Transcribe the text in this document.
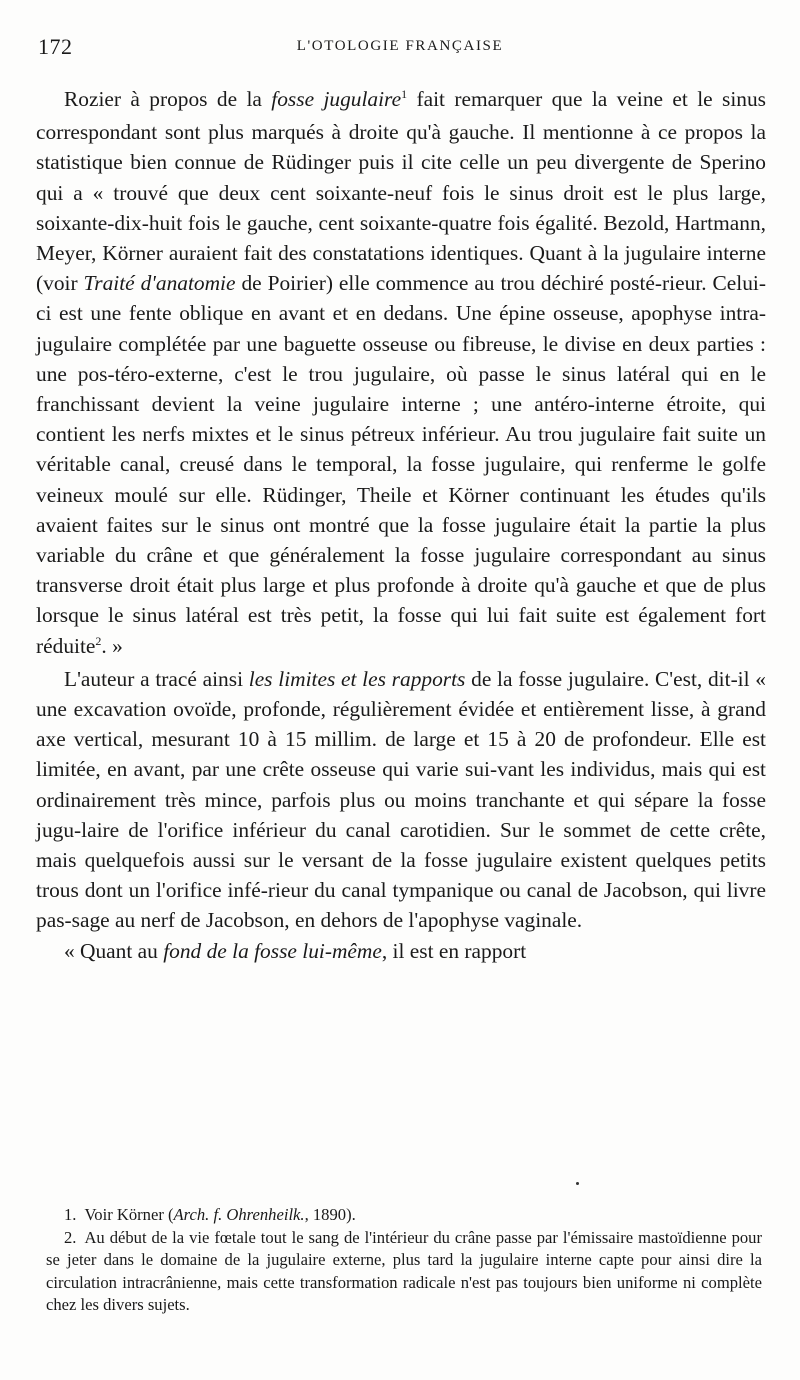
172	L'OTOLOGIE FRANÇAISE

Rozier à propos de la fosse jugulaire$^1$ fait remarquer que la veine et le sinus correspondant sont plus marqués à droite qu'à gauche. Il mentionne à ce propos la statistique bien connue de Rüdinger puis il cite celle un peu divergente de Sperino qui a « trouvé que deux cent soixante-neuf fois le sinus droit est le plus large, soixante-dix-huit fois le gauche, cent soixante-quatre fois égalité. Bezold, Hartmann, Meyer, Körner auraient fait des constatations identiques. Quant à la jugulaire interne (voir Traité d'anatomie de Poirier) elle commence au trou déchiré posté-rieur. Celui-ci est une fente oblique en avant et en dedans. Une épine osseuse, apophyse intra-jugulaire complétée par une baguette osseuse ou fibreuse, le divise en deux parties : une pos-téro-externe, c'est le trou jugulaire, où passe le sinus latéral qui en le franchissant devient la veine jugulaire interne ; une antéro-interne étroite, qui contient les nerfs mixtes et le sinus pétreux inférieur. Au trou jugulaire fait suite un véritable canal, creusé dans le temporal, la fosse jugulaire, qui renferme le golfe veineux moulé sur elle. Rüdinger, Theile et Körner continuant les études qu'ils avaient faites sur le sinus ont montré que la fosse jugulaire était la partie la plus variable du crâne et que généralement la fosse jugulaire correspondant au sinus transverse droit était plus large et plus profonde à droite qu'à gauche et que de plus lorsque le sinus latéral est très petit, la fosse qui lui fait suite est également fort réduite$^2$. »

L'auteur a tracé ainsi les limites et les rapports de la fosse jugulaire. C'est, dit-il « une excavation ovoïde, profonde, régulièrement évidée et entièrement lisse, à grand axe vertical, mesurant 10 à 15 millim. de large et 15 à 20 de profondeur. Elle est limitée, en avant, par une crête osseuse qui varie sui-vant les individus, mais qui est ordinairement très mince, parfois plus ou moins tranchante et qui sépare la fosse jugu-laire de l'orifice inférieur du canal carotidien. Sur le sommet de cette crête, mais quelquefois aussi sur le versant de la fosse jugulaire existent quelques petits trous dont un l'orifice infé-rieur du canal tympanique ou canal de Jacobson, qui livre pas-sage au nerf de Jacobson, en dehors de l'apophyse vaginale.

« Quant au fond de la fosse lui-même, il est en rapport

1. Voir Körner (Arch. f. Ohrenheilk., 1890).

2. Au début de la vie fœtale tout le sang de l'intérieur du crâne passe par l'émissaire mastoïdienne pour se jeter dans le domaine de la jugulaire externe, plus tard la jugulaire interne capte pour ainsi dire la circulation intracrânienne, mais cette transformation radicale n'est pas toujours bien uniforme ni complète chez les divers sujets.
